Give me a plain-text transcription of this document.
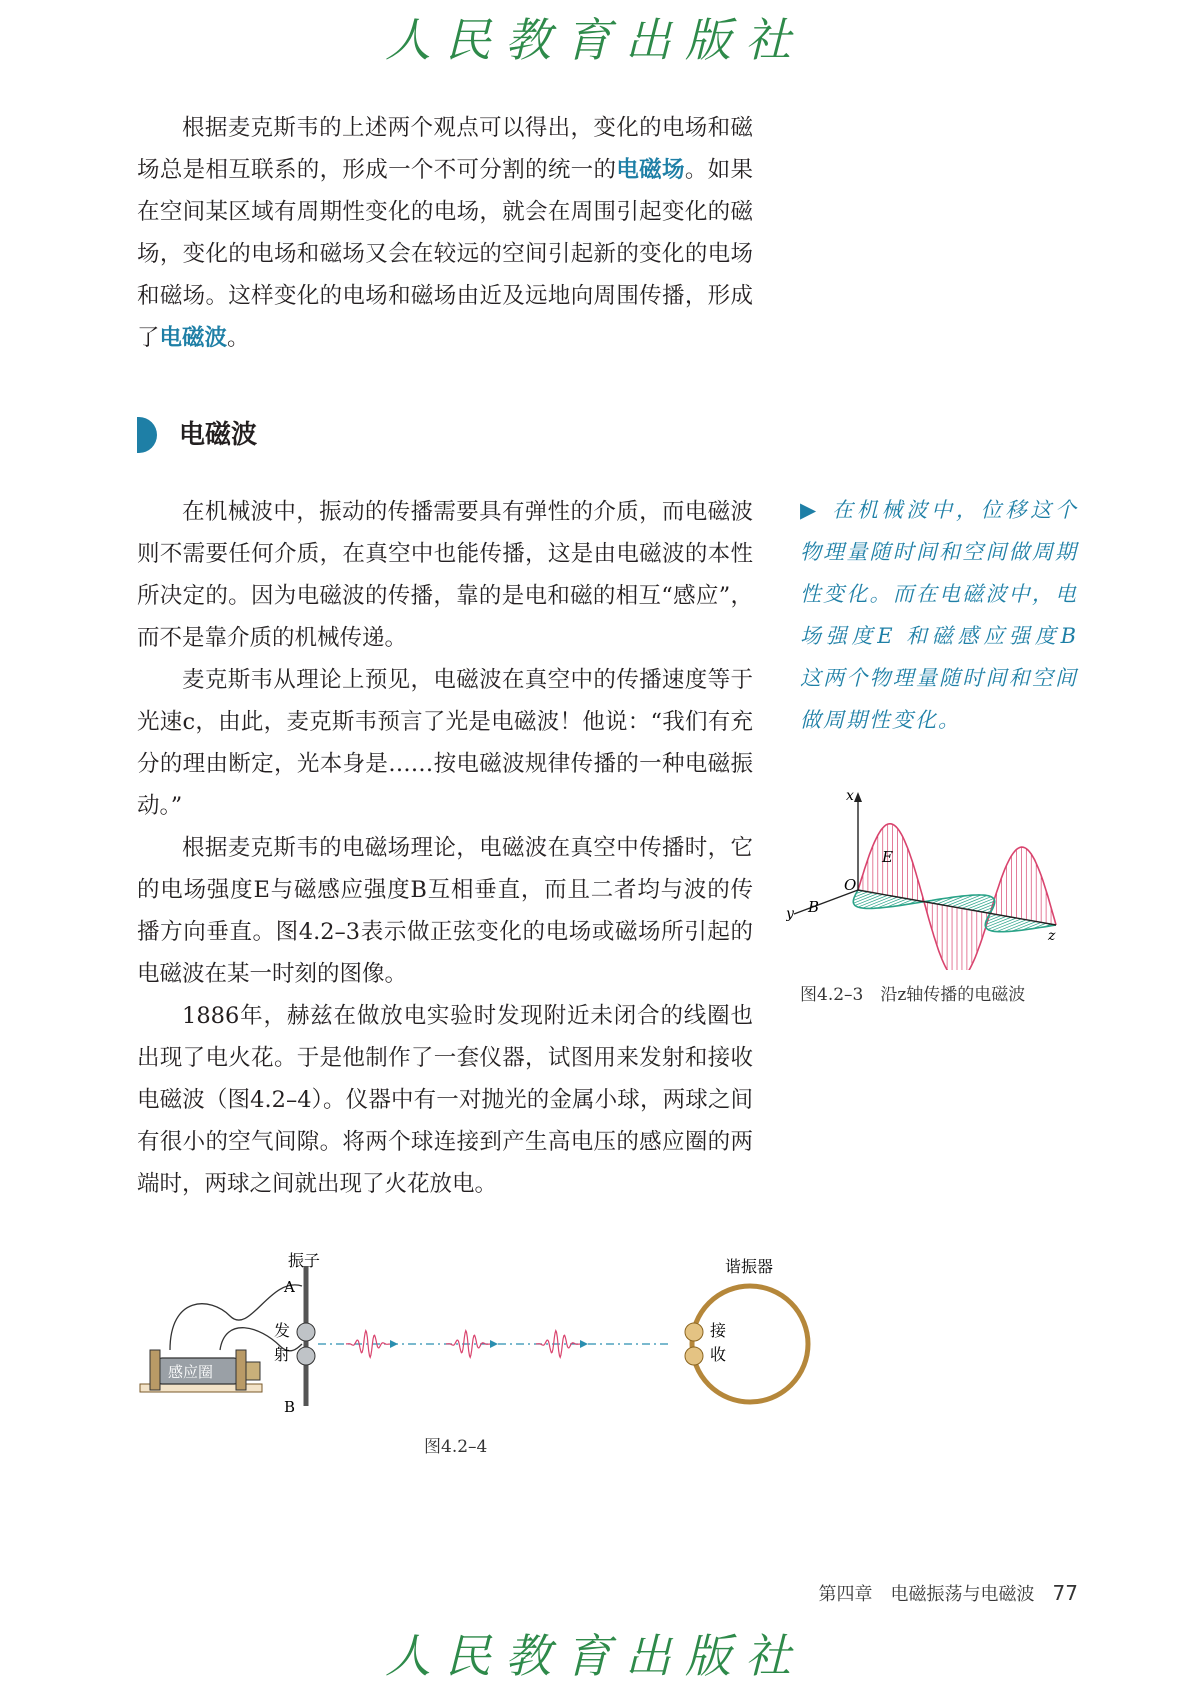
人民教育出版社

根据麦克斯韦的上述两个观点可以得出，变化的电场和磁场总是相互联系的，形成一个不可分割的统一的电磁场。如果在空间某区域有周期性变化的电场，就会在周围引起变化的磁场，变化的电场和磁场又会在较远的空间引起新的变化的电场和磁场。这样变化的电场和磁场由近及远地向周围传播，形成了电磁波。

电磁波

在机械波中，振动的传播需要具有弹性的介质，而电磁波则不需要任何介质，在真空中也能传播，这是由电磁波的本性所决定的。因为电磁波的传播，靠的是电和磁的相互“感应”，而不是靠介质的机械传递。

麦克斯韦从理论上预见，电磁波在真空中的传播速度等于光速c，由此，麦克斯韦预言了光是电磁波！他说：“我们有充分的理由断定，光本身是……按电磁波规律传播的一种电磁振动。”

根据麦克斯韦的电磁场理论，电磁波在真空中传播时，它的电场强度E与磁感应强度B互相垂直，而且二者均与波的传播方向垂直。图4.2–3表示做正弦变化的电场或磁场所引起的电磁波在某一时刻的图像。

1886年，赫兹在做放电实验时发现附近未闭合的线圈也出现了电火花。于是他制作了一套仪器，试图用来发射和接收电磁波（图4.2–4）。仪器中有一对抛光的金属小球，两球之间有很小的空气间隙。将两个球连接到产生高电压的感应圈的两端时，两球之间就出现了火花放电。

▶ 在机械波中，位移这个物理量随时间和空间做周期性变化。而在电磁波中，电场强度E 和磁感应强度B 这两个物理量随时间和空间做周期性变化。
x
O
E
B
y
z
图4.2–3　沿z轴传播的电磁波
感应圈
振子
A
B
发
射
接
收
谐振器
图4.2–4
第四章　电磁振荡与电磁波 77
人民教育出版社
